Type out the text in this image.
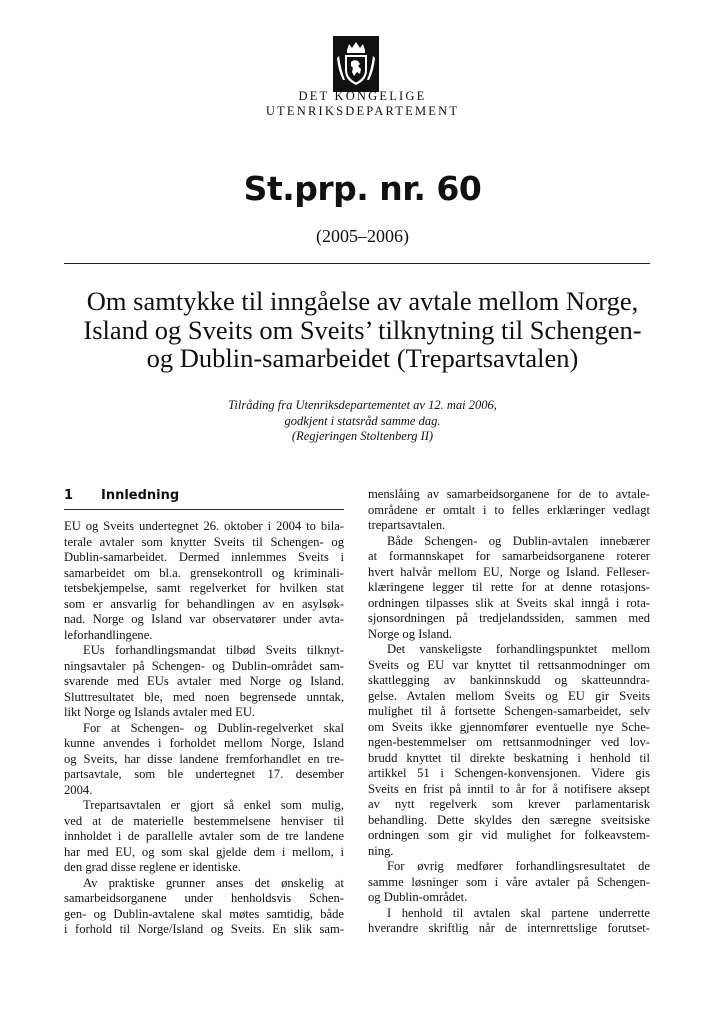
DET KONGELIGE
UTENRIKSDEPARTEMENT
St.prp. nr. 60
(2005–2006)
Om samtykke til inngåelse av avtale mellom Norge,
Island og Sveits om Sveits’ tilknytning til Schengen-
og Dublin-samarbeidet (Trepartsavtalen)
Tilråding fra Utenriksdepartementet av 12. mai 2006,
godkjent i statsråd samme dag.
(Regjeringen Stoltenberg II)
1 Innledning
EU og Sveits undertegnet 26. oktober i 2004 to bila-
terale avtaler som knytter Sveits til Schengen- og
Dublin-samarbeidet. Dermed innlemmes Sveits i
samarbeidet om bl.a. grensekontroll og kriminali-
tetsbekjempelse, samt regelverket for hvilken stat
som er ansvarlig for behandlingen av en asylsøk-
nad. Norge og Island var observatører under avta-
leforhandlingene.
EUs forhandlingsmandat tilbød Sveits tilknyt-
ningsavtaler på Schengen- og Dublin-området sam-
svarende med EUs avtaler med Norge og Island.
Sluttresultatet ble, med noen begrensede unntak,
likt Norge og Islands avtaler med EU.
For at Schengen- og Dublin-regelverket skal
kunne anvendes i forholdet mellom Norge, Island
og Sveits, har disse landene fremforhandlet en tre-
partsavtale, som ble undertegnet 17. desember
2004.
Trepartsavtalen er gjort så enkel som mulig,
ved at de materielle bestemmelsene henviser til
innholdet i de parallelle avtaler som de tre landene
har med EU, og som skal gjelde dem i mellom, i
den grad disse reglene er identiske.
Av praktiske grunner anses det ønskelig at
samarbeidsorganene under henholdsvis Schen-
gen- og Dublin-avtalene skal møtes samtidig, både
i forhold til Norge/Island og Sveits. En slik sam-
menslåing av samarbeidsorganene for de to avtale-
områdene er omtalt i to felles erklæringer vedlagt
trepartsavtalen.
Både Schengen- og Dublin-avtalen innebærer
at formannskapet for samarbeidsorganene roterer
hvert halvår mellom EU, Norge og Island. Felleser-
klæringene legger til rette for at denne rotasjons-
ordningen tilpasses slik at Sveits skal inngå i rota-
sjonsordningen på tredjelandssiden, sammen med
Norge og Island.
Det vanskeligste forhandlingspunktet mellom
Sveits og EU var knyttet til rettsanmodninger om
skattlegging av bankinnskudd og skatteunndra-
gelse. Avtalen mellom Sveits og EU gir Sveits
mulighet til å fortsette Schengen-samarbeidet, selv
om Sveits ikke gjennomfører eventuelle nye Sche-
ngen-bestemmelser om rettsanmodninger ved lov-
brudd knyttet til direkte beskatning i henhold til
artikkel 51 i Schengen-konvensjonen. Videre gis
Sveits en frist på inntil to år for å notifisere aksept
av nytt regelverk som krever parlamentarisk
behandling. Dette skyldes den særegne sveitsiske
ordningen som gir vid mulighet for folkeavstem-
ning.
For øvrig medfører forhandlingsresultatet de
samme løsninger som i våre avtaler på Schengen-
og Dublin-området.
I henhold til avtalen skal partene underrette
hverandre skriftlig når de internrettslige forutset-
